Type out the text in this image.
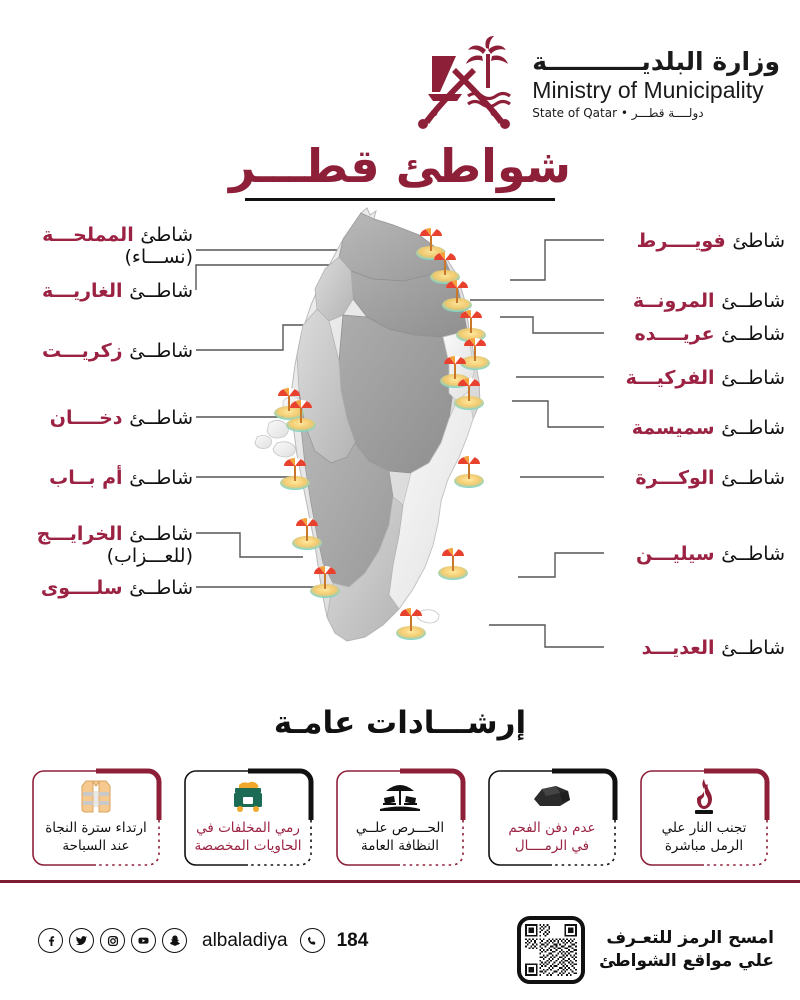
وزارة البلديـــــــــــة
Ministry of Municipality
دولــــة قطـــر • State of Qatar
شواطئ قطـــر
شاطئ المملحـــة
(نســـاء)
شاطــئ الغاريـــة
شاطــئ زكريـــت
شاطــئ دخــــان
شاطــئ أم بــاب
شاطــئ الخرايـــج
(للعـــزاب)
شاطــئ سلــــوى
شاطئ فويــــرط
شاطــئ المرونــة
شاطــئ عريــــده
شاطــئ الفركيـــة
شاطــئ سميسمة
شاطــئ الوكـــرة
شاطــئ سيليـــن
شاطــئ العديـــد
إرشـــادات عامـة
ارتداء سترة النجاة
عند السباحة
رمي المخلفات في
الحاويات المخصصة
الحـــرص علــي
النظافة العامة
عدم دفن الفحم
في الرمــــال
تجنب النار علي
الرمل مباشرة
albaladiya	184	امسح الرمز للتعـرف
علي مواقع الشواطئ
